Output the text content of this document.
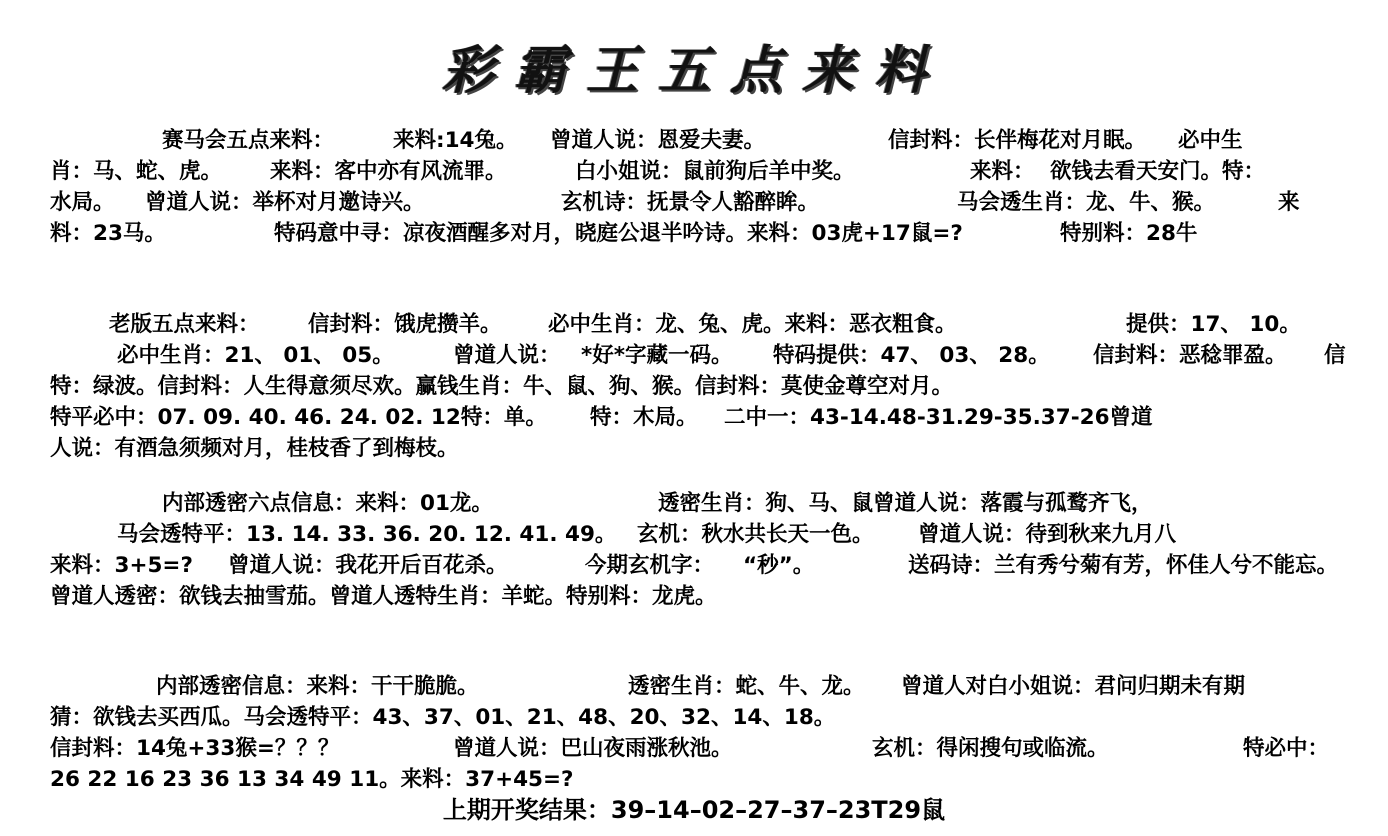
彩霸王五点来料
赛马会五点来料：	来料:14兔。 曾道人说：恩爱夫妻。	信封料：长伴梅花对月眠。 必中生
肖：马、蛇、虎。 来料：客中亦有风流罪。	白小姐说：鼠前狗后羊中奖。	来料： 欲钱去看天安门。特：
水局。 曾道人说：举杯对月邀诗兴。	玄机诗：抚景令人豁醉眸。	马会透生肖：龙、牛、猴。	来
料：23马。	特码意中寻：凉夜酒醒多对月，晓庭公退半吟诗。来料：03虎+17鼠=?	特别料：28牛
老版五点来料： 信封料：饿虎攒羊。 必中生肖：龙、兔、虎。来料：恶衣粗食。	提供：17、 10。
必中生肖：21、 01、 05。	曾道人说： *好*字藏一码。 特码提供：47、 03、 28。 信封料：恶稔罪盈。 信
特：绿波。信封料：人生得意须尽欢。赢钱生肖：牛、鼠、狗、猴。信封料：莫使金尊空对月。
特平必中：07. 09. 40. 46. 24. 02. 12特：单。 特：木局。 二中一：43-14.48-31.29-35.37-26曾道
人说：有酒急须频对月，桂枝香了到梅枝。
内部透密六点信息：来料：01龙。	透密生肖：狗、马、鼠曾道人说：落霞与孤鹜齐飞，
马会透特平：13. 14. 33. 36. 20. 12. 41. 49。 玄机：秋水共长天一色。 曾道人说：待到秋来九月八
来料：3+5=? 曾道人说：我花开后百花杀。	今期玄机字： “秒”。	送码诗：兰有秀兮菊有芳，怀佳人兮不能忘。
曾道人透密：欲钱去抽雪茄。曾道人透特生肖：羊蛇。特别料：龙虎。
内部透密信息：来料：干干脆脆。	透密生肖：蛇、牛、龙。 曾道人对白小姐说：君问归期未有期
猜：欲钱去买西瓜。马会透特平：43、37、01、21、48、20、32、14、18。
信封料：14兔+33猴=？？？	曾道人说：巴山夜雨涨秋池。	玄机：得闲搜句或临流。	特必中：
26 22 16 23 36 13 34 49 11。来料：37+45=?
上期开奖结果：39–14–02–27–37–23T29鼠
